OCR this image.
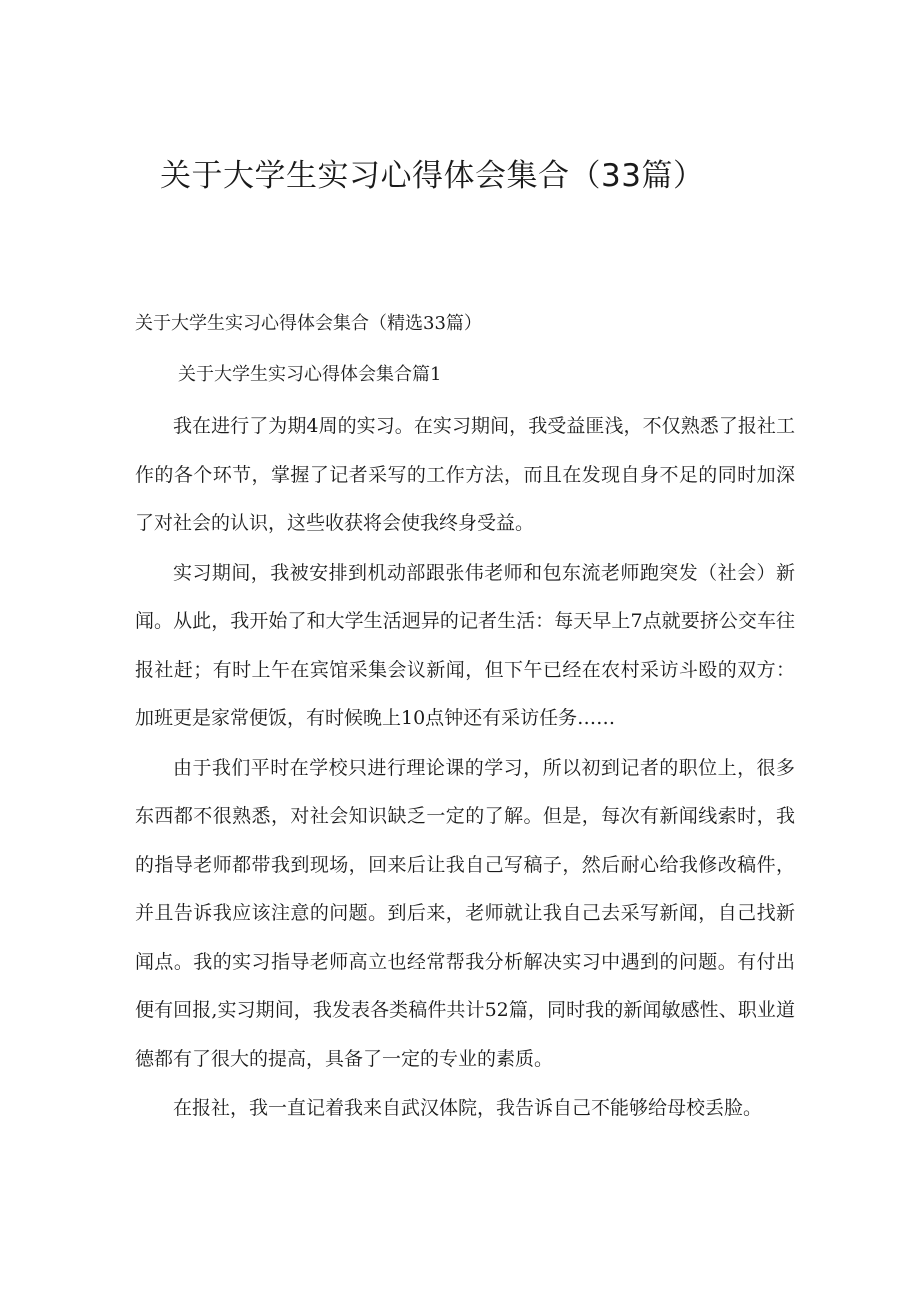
关于大学生实习心得体会集合（33篇）
关于大学生实习心得体会集合（精选33篇）
关于大学生实习心得体会集合篇1

我在进行了为期4周的实习。在实习期间，我受益匪浅，不仅熟悉了报社工作的各个环节，掌握了记者采写的工作方法，而且在发现自身不足的同时加深了对社会的认识，这些收获将会使我终身受益。

实习期间，我被安排到机动部跟张伟老师和包东流老师跑突发（社会）新闻。从此，我开始了和大学生活迥异的记者生活：每天早上7点就要挤公交车往报社赶；有时上午在宾馆采集会议新闻，但下午已经在农村采访斗殴的双方：加班更是家常便饭，有时候晚上10点钟还有采访任务……

由于我们平时在学校只进行理论课的学习，所以初到记者的职位上，很多东西都不很熟悉，对社会知识缺乏一定的了解。但是，每次有新闻线索时，我的指导老师都带我到现场，回来后让我自己写稿子，然后耐心给我修改稿件，并且告诉我应该注意的问题。到后来，老师就让我自己去采写新闻，自己找新闻点。我的实习指导老师高立也经常帮我分析解决实习中遇到的问题。有付出便有回报,实习期间，我发表各类稿件共计52篇，同时我的新闻敏感性、职业道德都有了很大的提高，具备了一定的专业的素质。

在报社，我一直记着我来自武汉体院，我告诉自己不能够给母校丢脸。
